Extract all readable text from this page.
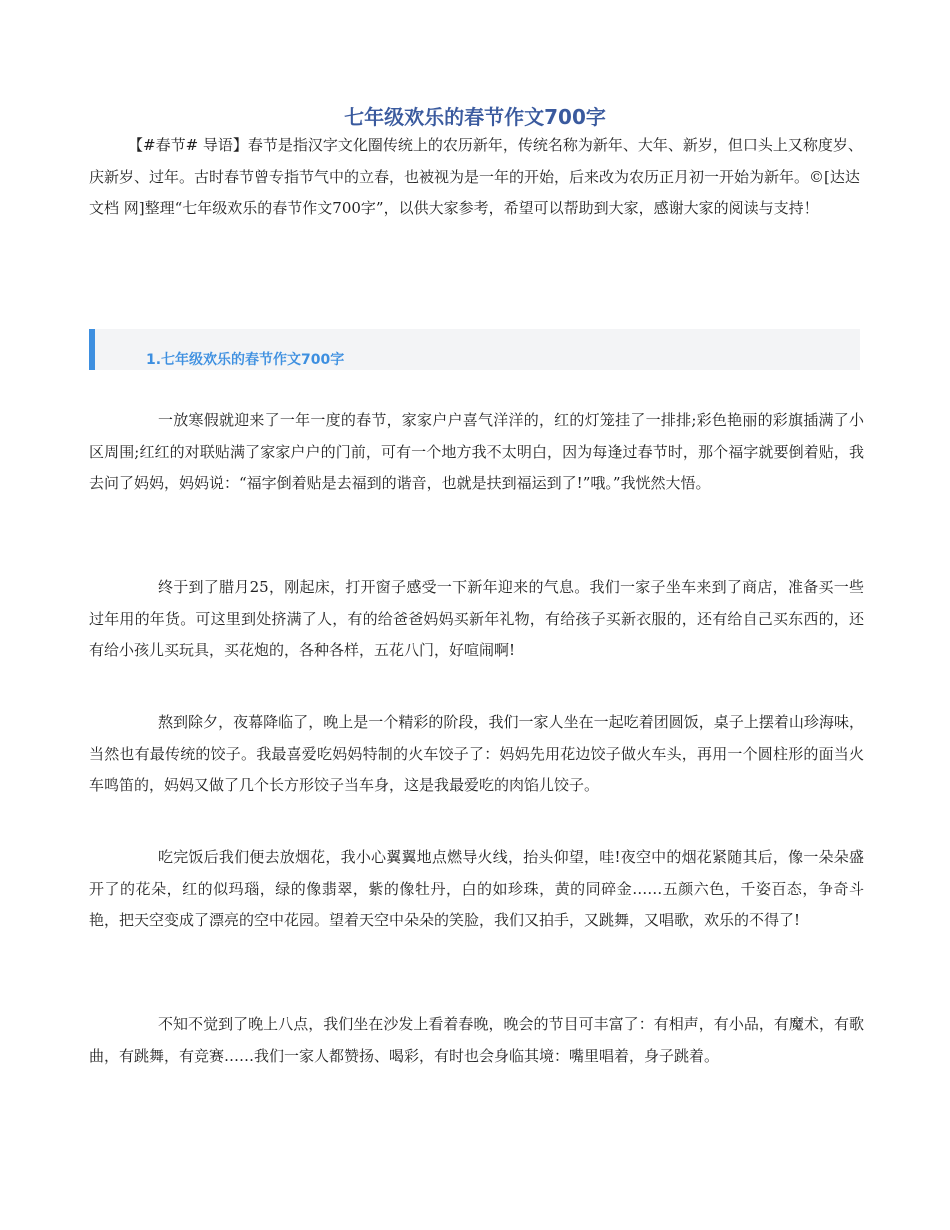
七年级欢乐的春节作文700字

【#春节# 导语】春节是指汉字文化圈传统上的农历新年，传统名称为新年、大年、新岁，但口头上又称度岁、庆新岁、过年。古时春节曾专指节气中的立春，也被视为是一年的开始，后来改为农历正月初一开始为新年。©[达达文档 网]整理“七年级欢乐的春节作文700字”，以供大家参考，希望可以帮助到大家，感谢大家的阅读与支持！

1.七年级欢乐的春节作文700字

一放寒假就迎来了一年一度的春节，家家户户喜气洋洋的，红的灯笼挂了一排排;彩色艳丽的彩旗插满了小区周围;红红的对联贴满了家家户户的门前，可有一个地方我不太明白，因为每逢过春节时，那个福字就要倒着贴，我去问了妈妈，妈妈说：“福字倒着贴是去福到的谐音，也就是扶到福运到了!”哦。”我恍然大悟。

终于到了腊月25，刚起床，打开窗子感受一下新年迎来的气息。我们一家子坐车来到了商店，准备买一些过年用的年货。可这里到处挤满了人，有的给爸爸妈妈买新年礼物，有给孩子买新衣服的，还有给自己买东西的，还有给小孩儿买玩具，买花炮的，各种各样，五花八门，好喧闹啊!

熬到除夕，夜幕降临了，晚上是一个精彩的阶段，我们一家人坐在一起吃着团圆饭，桌子上摆着山珍海味，当然也有最传统的饺子。我最喜爱吃妈妈特制的火车饺子了：妈妈先用花边饺子做火车头，再用一个圆柱形的面当火车鸣笛的，妈妈又做了几个长方形饺子当车身，这是我最爱吃的肉馅儿饺子。

吃完饭后我们便去放烟花，我小心翼翼地点燃导火线，抬头仰望，哇!夜空中的烟花紧随其后，像一朵朵盛开了的花朵，红的似玛瑙，绿的像翡翠，紫的像牡丹，白的如珍珠，黄的同碎金……五颜六色，千姿百态，争奇斗艳，把天空变成了漂亮的空中花园。望着天空中朵朵的笑脸，我们又拍手，又跳舞，又唱歌，欢乐的不得了!

不知不觉到了晚上八点，我们坐在沙发上看着春晚，晚会的节目可丰富了：有相声，有小品，有魔术，有歌曲，有跳舞，有竞赛……我们一家人都赞扬、喝彩，有时也会身临其境：嘴里唱着，身子跳着。
